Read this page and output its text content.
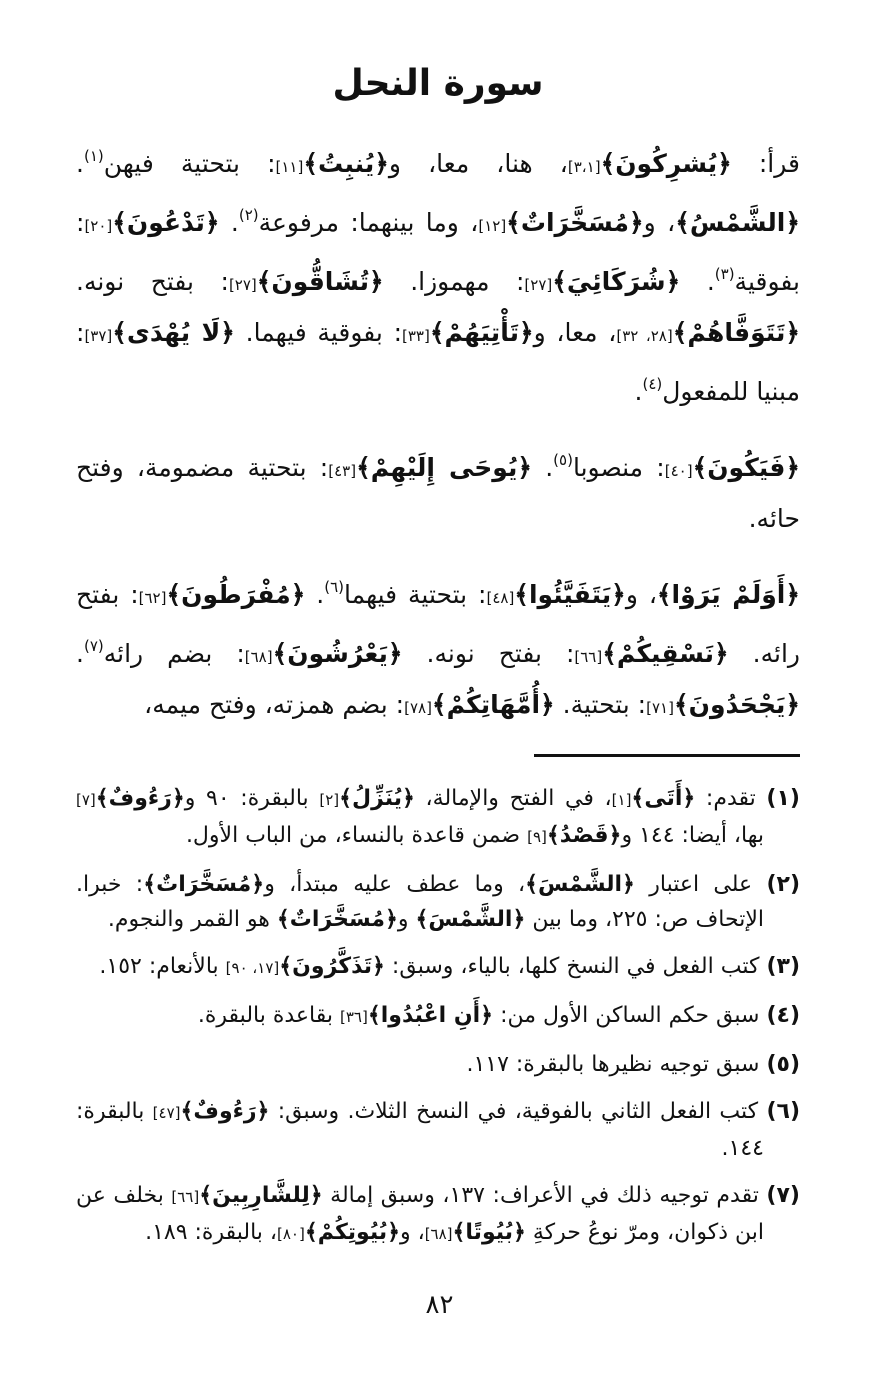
سورة النحل

قرأ: ﴿يُشرِكُونَ﴾[٣،١]، هنا، معا، و﴿يُنبِتُ﴾[١١]: بتحتية فيهن$^{(١)}$. ﴿الشَّمْسُ﴾، و﴿مُسَخَّرَاتٌ﴾[١٢]، وما بينهما: مرفوعة$^{(٢)}$. ﴿تَدْعُونَ﴾[٢٠]: بفوقية$^{(٣)}$. ﴿شُرَكَائِيَ﴾[٢٧]: مهموزا. ﴿تُشَاقُّونَ﴾[٢٧]: بفتح نونه. ﴿تَتَوَفَّاهُمْ﴾[٢٨، ٣٢]، معا، و﴿تَأْتِيَهُمْ﴾[٣٣]: بفوقية فيهما. ﴿لَا يُهْدَى﴾[٣٧]: مبنيا للمفعول$^{(٤)}$.

﴿فَيَكُونَ﴾[٤٠]: منصوبا$^{(٥)}$. ﴿يُوحَى إِلَيْهِمْ﴾[٤٣]: بتحتية مضمومة، وفتح حائه.

﴿أَوَلَمْ يَرَوْا﴾، و﴿يَتَفَيَّئُوا﴾[٤٨]: بتحتية فيهما$^{(٦)}$. ﴿مُفْرَطُونَ﴾[٦٢]: بفتح رائه. ﴿نَسْقِيكُمْ﴾[٦٦]: بفتح نونه. ﴿يَعْرُشُونَ﴾[٦٨]: بضم رائه$^{(٧)}$. ﴿يَجْحَدُونَ﴾[٧١]: بتحتية. ﴿أُمَّهَاتِكُمْ﴾[٧٨]: بضم همزته، وفتح ميمه،

(١) تقدم: ﴿أَتَى﴾[١]، في الفتح والإمالة، ﴿يُنَزِّلُ﴾[٢] بالبقرة: ٩٠ و﴿رَءُوفٌ﴾[٧] بها، أيضا: ١٤٤ و﴿قَصْدُ﴾[٩] ضمن قاعدة بالنساء، من الباب الأول.

(٢) على اعتبار ﴿الشَّمْسَ﴾، وما عطف عليه مبتدأ، و﴿مُسَخَّرَاتٌ﴾: خبرا. الإتحاف ص: ٢٢٥، وما بين ﴿الشَّمْسَ﴾ و﴿مُسَخَّرَاتٌ﴾ هو القمر والنجوم.

(٣) كتب الفعل في النسخ كلها، بالياء، وسبق: ﴿تَذَكَّرُونَ﴾[١٧، ٩٠] بالأنعام: ١٥٢.

(٤) سبق حكم الساكن الأول من: ﴿أَنِ اعْبُدُوا﴾[٣٦] بقاعدة بالبقرة.

(٥) سبق توجيه نظيرها بالبقرة: ١١٧.

(٦) كتب الفعل الثاني بالفوقية، في النسخ الثلاث. وسبق: ﴿رَءُوفٌ﴾[٤٧] بالبقرة: ١٤٤.

(٧) تقدم توجيه ذلك في الأعراف: ١٣٧، وسبق إمالة ﴿لِلشَّارِبِينَ﴾[٦٦] بخلف عن ابن ذكوان، ومرّ نوعُ حركةِ ﴿بُيُوتًا﴾[٦٨]، و﴿بُيُوتِكُمْ﴾[٨٠]، بالبقرة: ١٨٩.

٨٢
